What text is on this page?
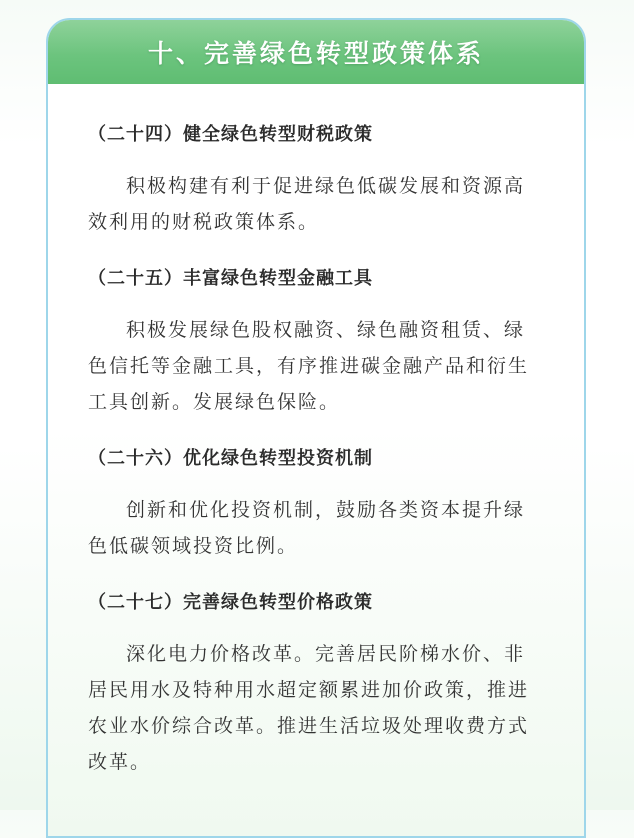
十、完善绿色转型政策体系
（二十四）健全绿色转型财税政策

积极构建有利于促进绿色低碳发展和资源高效利用的财税政策体系。

（二十五）丰富绿色转型金融工具

积极发展绿色股权融资、绿色融资租赁、绿色信托等金融工具，有序推进碳金融产品和衍生工具创新。发展绿色保险。

（二十六）优化绿色转型投资机制

创新和优化投资机制，鼓励各类资本提升绿色低碳领域投资比例。

（二十七）完善绿色转型价格政策

深化电力价格改革。完善居民阶梯水价、非居民用水及特种用水超定额累进加价政策，推进农业水价综合改革。推进生活垃圾处理收费方式改革。
